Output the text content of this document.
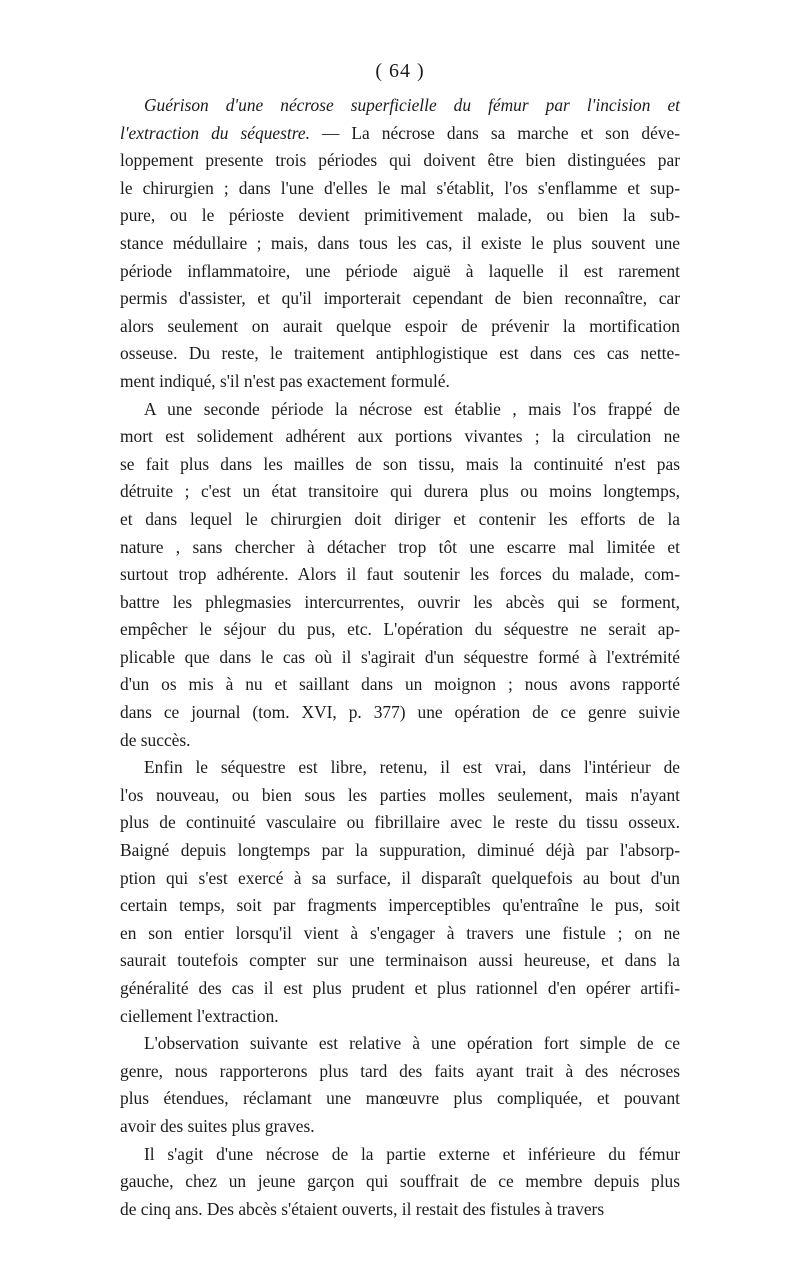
( 64 )
Guérison d'une nécrose superficielle du fémur par l'incision et
l'extraction du séquestre. — La nécrose dans sa marche et son déve-
loppement presente trois périodes qui doivent être bien distinguées par
le chirurgien ; dans l'une d'elles le mal s'établit, l'os s'enflamme et sup-
pure, ou le périoste devient primitivement malade, ou bien la sub-
stance médullaire ; mais, dans tous les cas, il existe le plus souvent une
période inflammatoire, une période aiguë à laquelle il est rarement
permis d'assister, et qu'il importerait cependant de bien reconnaître, car
alors seulement on aurait quelque espoir de prévenir la mortification
osseuse. Du reste, le traitement antiphlogistique est dans ces cas nette-
ment indiqué, s'il n'est pas exactement formulé.
A une seconde période la nécrose est établie , mais l'os frappé de
mort est solidement adhérent aux portions vivantes ; la circulation ne
se fait plus dans les mailles de son tissu, mais la continuité n'est pas
détruite ; c'est un état transitoire qui durera plus ou moins longtemps,
et dans lequel le chirurgien doit diriger et contenir les efforts de la
nature , sans chercher à détacher trop tôt une escarre mal limitée et
surtout trop adhérente. Alors il faut soutenir les forces du malade, com-
battre les phlegmasies intercurrentes, ouvrir les abcès qui se forment,
empêcher le séjour du pus, etc. L'opération du séquestre ne serait ap-
plicable que dans le cas où il s'agirait d'un séquestre formé à l'extrémité
d'un os mis à nu et saillant dans un moignon ; nous avons rapporté
dans ce journal (tom. XVI, p. 377) une opération de ce genre suivie
de succès.
Enfin le séquestre est libre, retenu, il est vrai, dans l'intérieur de
l'os nouveau, ou bien sous les parties molles seulement, mais n'ayant
plus de continuité vasculaire ou fibrillaire avec le reste du tissu osseux.
Baigné depuis longtemps par la suppuration, diminué déjà par l'absorp-
ption qui s'est exercé à sa surface, il disparaît quelquefois au bout d'un
certain temps, soit par fragments imperceptibles qu'entraîne le pus, soit
en son entier lorsqu'il vient à s'engager à travers une fistule ; on ne
saurait toutefois compter sur une terminaison aussi heureuse, et dans la
généralité des cas il est plus prudent et plus rationnel d'en opérer artifi-
ciellement l'extraction.
L'observation suivante est relative à une opération fort simple de ce
genre, nous rapporterons plus tard des faits ayant trait à des nécroses
plus étendues, réclamant une manœuvre plus compliquée, et pouvant
avoir des suites plus graves.
Il s'agit d'une nécrose de la partie externe et inférieure du fémur
gauche, chez un jeune garçon qui souffrait de ce membre depuis plus
de cinq ans. Des abcès s'étaient ouverts, il restait des fistules à travers
